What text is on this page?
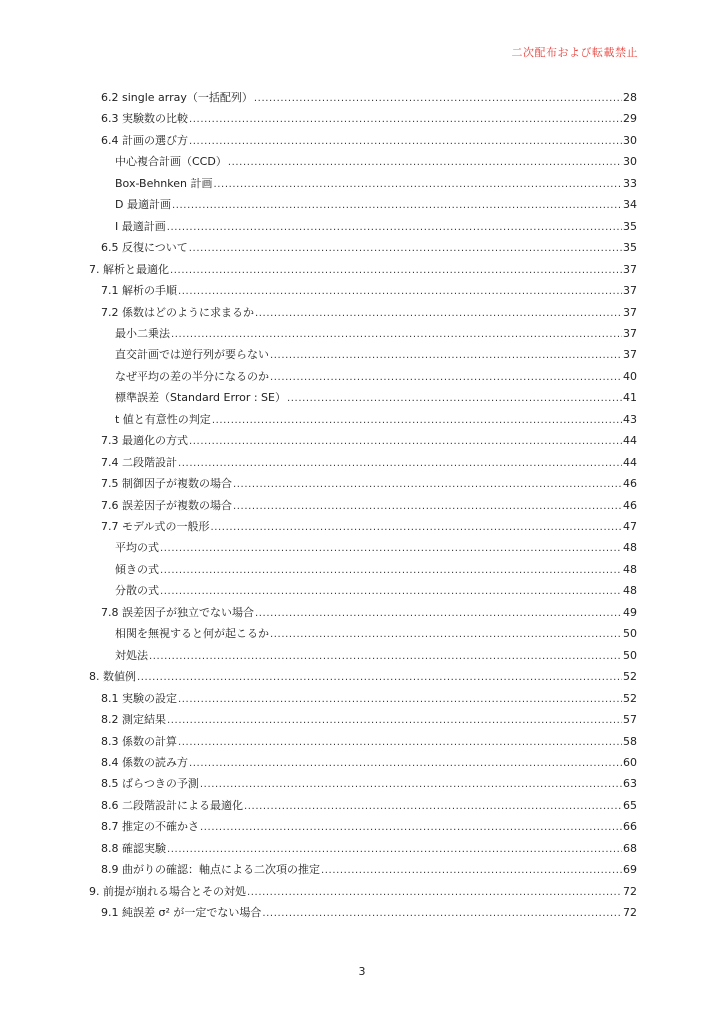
二次配布および転載禁止
6.2 single array（一括配列） .....	28
6.3 実験数の比較 .....	29
6.4 計画の選び方 .....	30
中心複合計画（CCD） .....	30
Box-Behnken 計画 .....	33
D 最適計画 .....	34
I 最適計画 .....	35
6.5 反復について .....	35
7. 解析と最適化 .....	37
7.1 解析の手順 .....	37
7.2 係数はどのように求まるか .....	37
最小二乗法 .....	37
直交計画では逆行列が要らない .....	37
なぜ平均の差の半分になるのか .....	40
標準誤差（Standard Error : SE） .....	41
t 値と有意性の判定 .....	43
7.3 最適化の方式 .....	44
7.4 二段階設計 .....	44
7.5 制御因子が複数の場合 .....	46
7.6 誤差因子が複数の場合 .....	46
7.7 モデル式の一般形 .....	47
平均の式 .....	48
傾きの式 .....	48
分散の式 .....	48
7.8 誤差因子が独立でない場合 .....	49
相関を無視すると何が起こるか .....	50
対処法 .....	50
8. 数値例 .....	52
8.1 実験の設定 .....	52
8.2 測定結果 .....	57
8.3 係数の計算 .....	58
8.4 係数の読み方 .....	60
8.5 ばらつきの予測 .....	63
8.6 二段階設計による最適化 .....	65
8.7 推定の不確かさ .....	66
8.8 確認実験 .....	68
8.9 曲がりの確認：軸点による二次項の推定 .....	69
9. 前提が崩れる場合とその対処 .....	72
9.1 純誤差 σ² が一定でない場合 .....	72
3
